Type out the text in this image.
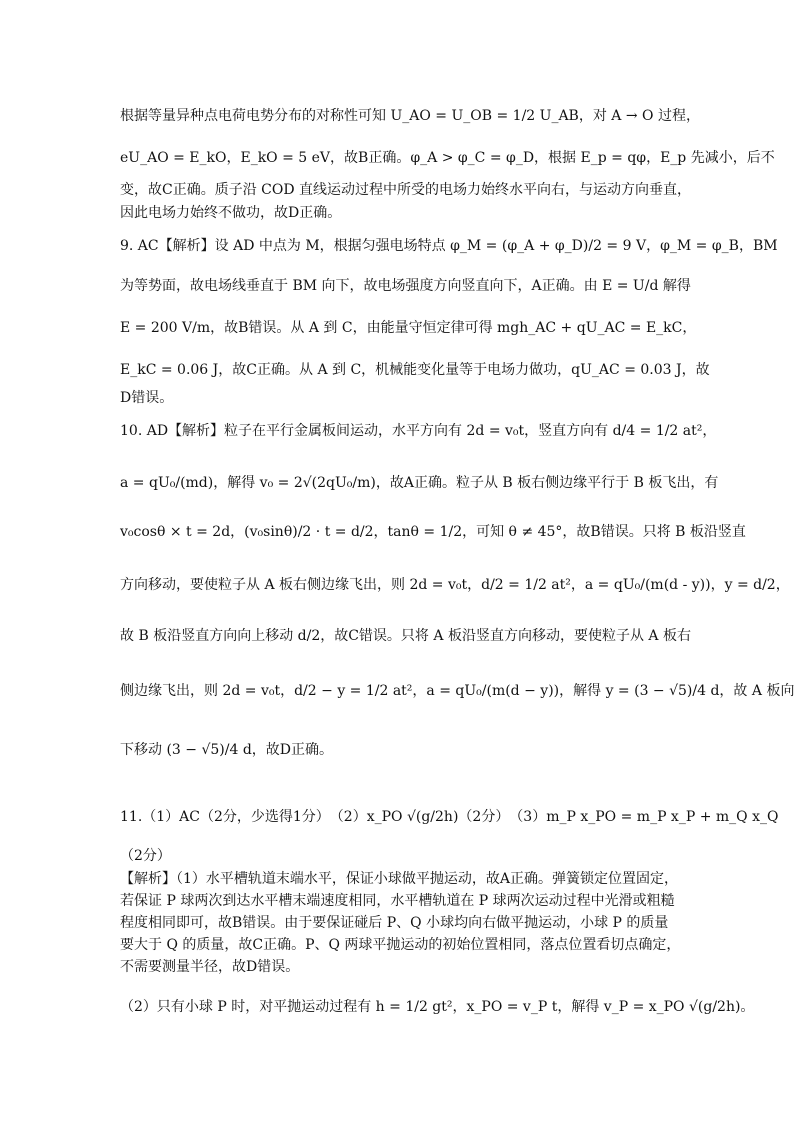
根据等量异种点电荷电势分布的对称性可知 U_AO = U_OB = 1/2 U_AB，对 A → O 过程，
eU_AO = E_kO，E_kO = 5 eV，故B正确。φ_A > φ_C = φ_D，根据 E_p = qφ，E_p 先减小，后不
变，故C正确。质子沿 COD 直线运动过程中所受的电场力始终水平向右，与运动方向垂直，
因此电场力始终不做功，故D正确。
9. AC【解析】设 AD 中点为 M，根据匀强电场特点 φ_M = (φ_A + φ_D)/2 = 9 V，φ_M = φ_B，BM
为等势面，故电场线垂直于 BM 向下，故电场强度方向竖直向下，A正确。由 E = U/d 解得
E = 200 V/m，故B错误。从 A 到 C，由能量守恒定律可得 mgh_AC + qU_AC = E_kC，
E_kC = 0.06 J，故C正确。从 A 到 C，机械能变化量等于电场力做功，qU_AC = 0.03 J，故
D错误。
10. AD【解析】粒子在平行金属板间运动，水平方向有 2d = v₀t，竖直方向有 d/4 = 1/2 at²，
a = qU₀/(md)，解得 v₀ = 2√(2qU₀/m)，故A正确。粒子从 B 板右侧边缘平行于 B 板飞出，有
v₀cosθ × t = 2d，(v₀sinθ)/2 · t = d/2，tanθ = 1/2，可知 θ ≠ 45°，故B错误。只将 B 板沿竖直
方向移动，要使粒子从 A 板右侧边缘飞出，则 2d = v₀t，d/2 = 1/2 at²，a = qU₀/(m(d - y))，y = d/2，
故 B 板沿竖直方向向上移动 d/2，故C错误。只将 A 板沿竖直方向移动，要使粒子从 A 板右
侧边缘飞出，则 2d = v₀t，d/2 − y = 1/2 at²，a = qU₀/(m(d − y))，解得 y = (3 − √5)/4 d，故 A 板向
下移动 (3 − √5)/4 d，故D正确。
11.（1）AC（2分，少选得1分）　（2）x_PO √(g/2h)（2分）　（3）m_P x_PO = m_P x_P + m_Q x_Q
（2分）
【解析】（1）水平槽轨道末端水平，保证小球做平抛运动，故A正确。弹簧锁定位置固定，
若保证 P 球两次到达水平槽末端速度相同，水平槽轨道在 P 球两次运动过程中光滑或粗糙
程度相同即可，故B错误。由于要保证碰后 P、Q 小球均向右做平抛运动，小球 P 的质量
要大于 Q 的质量，故C正确。P、Q 两球平抛运动的初始位置相同，落点位置看切点确定，
不需要测量半径，故D错误。
（2）只有小球 P 时，对平抛运动过程有 h = 1/2 gt²，x_PO = v_P t，解得 v_P = x_PO √(g/2h)。
